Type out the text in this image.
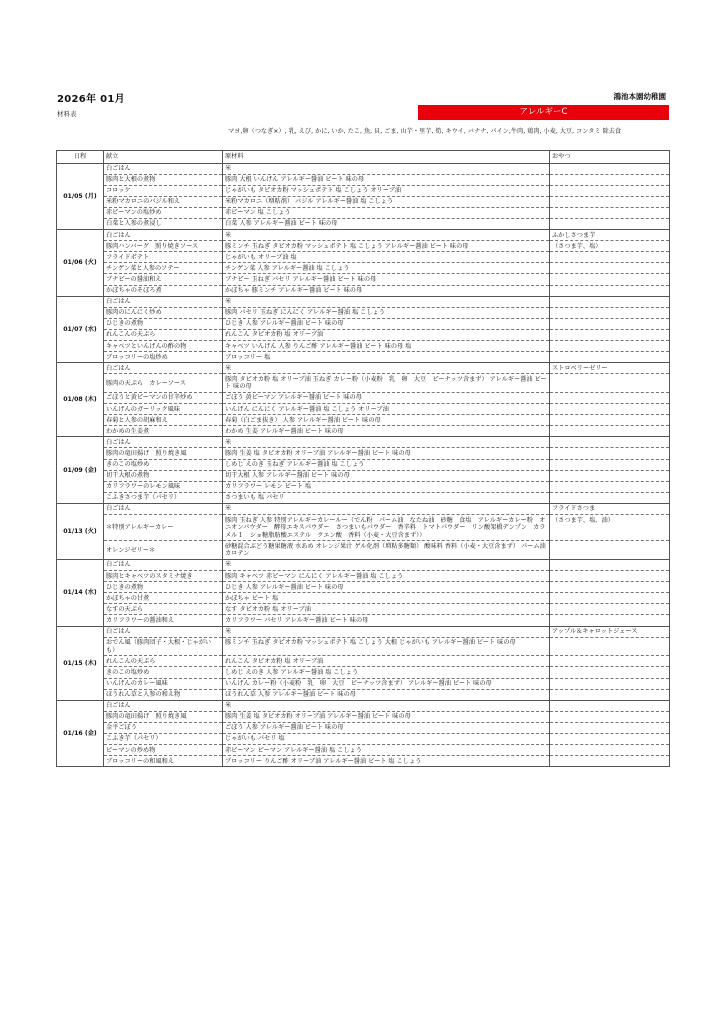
2026年 01月
材料表
鴻池本園幼稚園
アレルギーC
マヨ,卵（つなぎ×）, 乳, えび, かに, いか, たこ, 魚, 貝, ごま, 山芋・里芋, 筍, キウイ, バナナ, パイン,牛肉, 鶏肉, 小麦, 大豆, コンタミ 除去食
日程	献立	原材料	おやつ
01/05 (月)	白ごはん	米	
	豚肉と大根の煮物	豚肉 大根 いんげん アレルギー醤油 ビート 味の母	
	コロッケ	じゃがいも タピオカ粉 マッシュポテト 塩 こしょう オリーブ油	
	米粉マカロニのバジル和え	米粉マカロニ（増粘剤） バジル アレルギー醤油 塩 こしょう	
	赤ピーマンの塩炒め	赤ピーマン 塩 こしょう	
	白菜と人参の煮浸し	白菜 人参 アレルギー醤油 ビート 味の母	
01/06 (火)	白ごはん	米	ふかしさつま芋
	豚肉ハンバーグ　照り焼きソース	豚ミンチ 玉ねぎ タピオカ粉 マッシュポテト 塩 こしょう アレルギー醤油 ビート 味の母	（さつま芋、塩）
	フライドポテト	じゃがいも オリーブ油 塩	
	チンゲン菜と人参のソテー	チンゲン菜 人参 アレルギー醤油 塩 こしょう	
	ブナピーの醤油和え	ブナピー 玉ねぎ パセリ アレルギー醤油 ビート 味の母	
	かぼちゃのそぼろ煮	かぼちゃ 豚ミンチ アレルギー醤油 ビート 味の母	
01/07 (水)	白ごはん	米	
	豚肉のにんにく炒め	豚肉 パセリ 玉ねぎ にんにく アレルギー醤油 塩 こしょう	
	ひじきの煮物	ひじき 人参 アレルギー醤油 ビート 味の母	
	れんこんの天ぷら	れんこん タピオカ粉 塩 オリーブ油	
	キャベツといんげんの酢の物	キャベツ いんげん 人参 りんご酢 アレルギー醤油 ビート 味の母 塩	
	ブロッコリーの塩炒め	ブロッコリー 塩	
01/08 (木)	白ごはん	米	ストロベリーゼリー
	豚肉の天ぷら　カレーソース	豚肉 タピオカ粉 塩 オリーブ油 玉ねぎ カレー粉（小麦粉　乳　卵　大豆　ピーナッツ含まず） アレルギー醤油 ビート 味の母	
	ごぼうと黄ピーマンの甘辛炒め	ごぼう 黄ピーマン アレルギー醤油 ビート 味の母	
	いんげんのガーリック風味	いんげん にんにく アレルギー醤油 塩 こしょう オリーブ油	
	春菊と人参の胡麻和え	春菊（白ごま抜き） 人参 アレルギー醤油 ビート 味の母	
	わかめの生姜煮	わかめ 生姜 アレルギー醤油 ビート 味の母	
01/09 (金)	白ごはん	米	
	豚肉の竜田揚げ　照り焼き風	豚肉 生姜 塩 タピオカ粉 オリーブ油 アレルギー醤油 ビート 味の母	
	きのこの塩炒め	しめじ えのき 玉ねぎ アレルギー醤油 塩 こしょう	
	切干大根の煮物	切干大根 人参 アレルギー醤油 ビート 味の母	
	カリフラワーのレモン風味	カリフラワー レモン ビート 塩	
	こふきさつま芋（パセリ）	さつまいも 塩 パセリ	
01/13 (火)	白ごはん	米	フライドさつま
	＊特別アレルギーカレー	豚肉 玉ねぎ 人参 特別アレルギーカレールー（でん粉　パーム油　なたね油　砂糖　食塩　アレルギーカレー粉　オニオンパウダー　酵母エキスパウダー　さつまいもパウダー　香辛料　トマトパウダー　リン酸架橋デンプン　カラメル１　ショ糖脂肪酸エステル　クエン酸　香料（小麦・大豆含まず））	（さつま芋、塩、油）
	オレンジゼリー＊	砂糖混合ぶどう糖果糖液 水あめ オレンジ果汁 ゲル化剤（増粘多糖類） 酸味料 香料（小麦・大豆含まず） パーム油 カロテン	
01/14 (水)	白ごはん	米	
	豚肉とキャベツのスタミナ焼き	豚肉 キャベツ 赤ピーマン にんにく アレルギー醤油 塩 こしょう	
	ひじきの煮物	ひじき 人参 アレルギー醤油 ビート 味の母	
	かぼちゃの甘煮	かぼちゃ ビート 塩	
	なすの天ぷら	なす タピオカ粉 塩 オリーブ油	
	カリフラワーの醤油和え	カリフラワー パセリ アレルギー醤油 ビート 味の母	
01/15 (木)	白ごはん	米	アップル＆キャロットジュース
	おでん風（豚肉団子・大根・じゃがいも）	豚ミンチ 玉ねぎ タピオカ粉 マッシュポテト 塩 こしょう 大根 じゃがいも アレルギー醤油 ビート 味の母	
	れんこんの天ぷら	れんこん タピオカ粉 塩 オリーブ油	
	きのこの塩炒め	しめじ えのき 人参 アレルギー醤油 塩 こしょう	
	いんげんのカレー風味	いんげん カレー粉（小麦粉　乳　卵　大豆　ピーナッツ含まず） アレルギー醤油 ビート 味の母	
	ほうれん草と人参の和え物	ほうれん草 人参 アレルギー醤油 ビート 味の母	
01/16 (金)	白ごはん	米	
	豚肉の竜田揚げ　照り焼き風	豚肉 生姜 塩 タピオカ粉 オリーブ油 アレルギー醤油 ビート 味の母	
	金平ごぼう	ごぼう 人参 アレルギー醤油 ビート 味の母	
	こふき芋（パセリ）	じゃがいも パセリ 塩	
	ピーマンの炒め物	赤ピーマン ピーマン アレルギー醤油 塩 こしょう	
	ブロッコリーの和風和え	ブロッコリー りんご酢 オリーブ油 アレルギー醤油 ビート 塩 こしょう	
